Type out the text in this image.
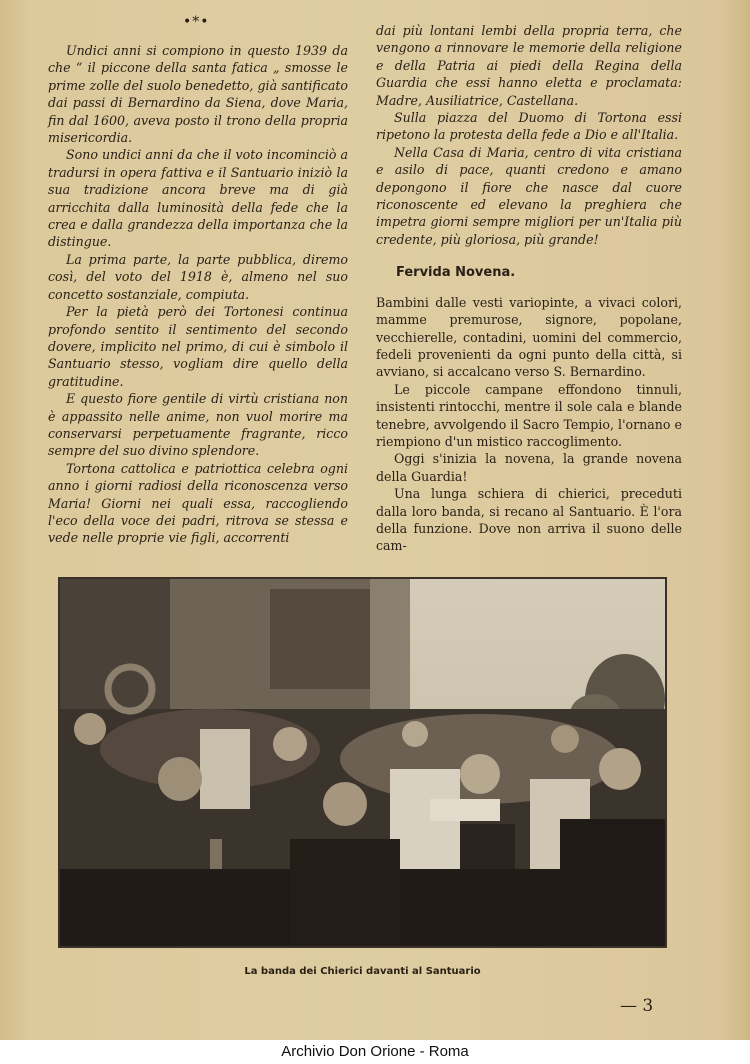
•*•

Undici anni si compiono in questo 1939 da che “ il piccone della santa fatica „ smosse le prime zolle del suolo benedetto, già santificato dai passi di Bernardino da Siena, dove Maria, fin dal 1600, aveva posto il trono della propria misericordia.

Sono undici anni da che il voto incominciò a tradursi in opera fattiva e il Santuario iniziò la sua tradizione ancora breve ma di già arricchita dalla luminosità della fede che la crea e dalla grandezza della importanza che la distingue.

La prima parte, la parte pubblica, diremo così, del voto del 1918 è, almeno nel suo concetto sostanziale, compiuta.

Per la pietà però dei Tortonesi continua profondo sentito il sentimento del secondo dovere, implicito nel primo, di cui è simbolo il Santuario stesso, vogliam dire quello della gratitudine.

E questo fiore gentile di virtù cristiana non è appassito nelle anime, non vuol morire ma conservarsi perpetuamente fragrante, ricco sempre del suo divino splendore.

Tortona cattolica e patriottica celebra ogni anno i giorni radiosi della riconoscenza verso Maria! Giorni nei quali essa, raccogliendo l'eco della voce dei padri, ritrova se stessa e vede nelle proprie vie figli, accorrenti

dai più lontani lembi della propria terra, che vengono a rinnovare le memorie della religione e della Patria ai piedi della Regina della Guardia che essi hanno eletta e proclamata: Madre, Ausiliatrice, Castellana.

Sulla piazza del Duomo di Tortona essi ripetono la protesta della fede a Dio e all'Italia.

Nella Casa di Maria, centro di vita cristiana e asilo di pace, quanti credono e amano depongono il fiore che nasce dal cuore riconoscente ed elevano la preghiera che impetra giorni sempre migliori per un'Italia più credente, più gloriosa, più grande!

Fervida Novena.

Bambini dalle vesti variopinte, a vivaci colori, mamme premurose, signore, popolane, vecchierelle, contadini, uomini del commercio, fedeli provenienti da ogni punto della città, si avviano, si accalcano verso S. Bernardino.

Le piccole campane effondono tinnuli, insistenti rintocchi, mentre il sole cala e blande tenebre, avvolgendo il Sacro Tempio, l'ornano e riempiono d'un mistico raccoglimento.

Oggi s'inizia la novena, la grande novena della Guardia!

Una lunga schiera di chierici, preceduti dalla loro banda, si recano al Santuario. È l'ora della funzione. Dove non arriva il suono delle cam-

La banda dei Chierici davanti al Santuario
— 3
Archivio Don Orione - Roma
